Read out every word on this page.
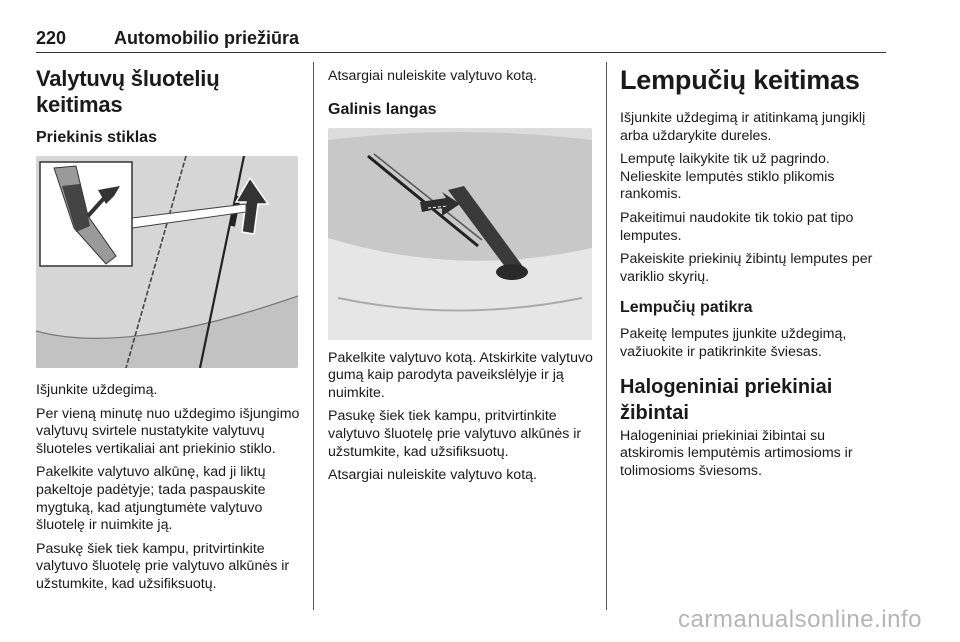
220	Automobilio priežiūra
Valytuvų šluotelių keitimas
Priekinis stiklas

Išjunkite uždegimą.

Per vieną minutę nuo uždegimo išjungimo valytuvų svirtele nustatykite valytuvų šluoteles vertikaliai ant priekinio stiklo.

Pakelkite valytuvo alkūnę, kad ji liktų pakeltoje padėtyje; tada paspauskite mygtuką, kad atjungtumėte valytuvo šluotelę ir nuimkite ją.

Pasukę šiek tiek kampu, pritvirtinkite valytuvo šluotelę prie valytuvo alkūnės ir užstumkite, kad užsifiksuotų.

Atsargiai nuleiskite valytuvo kotą.

Galinis langas

Pakelkite valytuvo kotą. Atskirkite valytuvo gumą kaip parodyta paveikslėlyje ir ją nuimkite.

Pasukę šiek tiek kampu, pritvirtinkite valytuvo šluotelę prie valytuvo alkūnės ir užstumkite, kad užsifiksuotų.

Atsargiai nuleiskite valytuvo kotą.

Lempučių keitimas

Išjunkite uždegimą ir atitinkamą jungiklį arba uždarykite dureles.

Lemputę laikykite tik už pagrindo. Nelieskite lemputės stiklo plikomis rankomis.

Pakeitimui naudokite tik tokio pat tipo lemputes.

Pakeiskite priekinių žibintų lemputes per variklio skyrių.

Lempučių patikra

Pakeitę lemputes įjunkite uždegimą, važiuokite ir patikrinkite šviesas.

Halogeniniai priekiniai žibintai

Halogeniniai priekiniai žibintai su atskiromis lemputėmis artimosioms ir tolimosioms šviesoms.

carmanualsonline.info
